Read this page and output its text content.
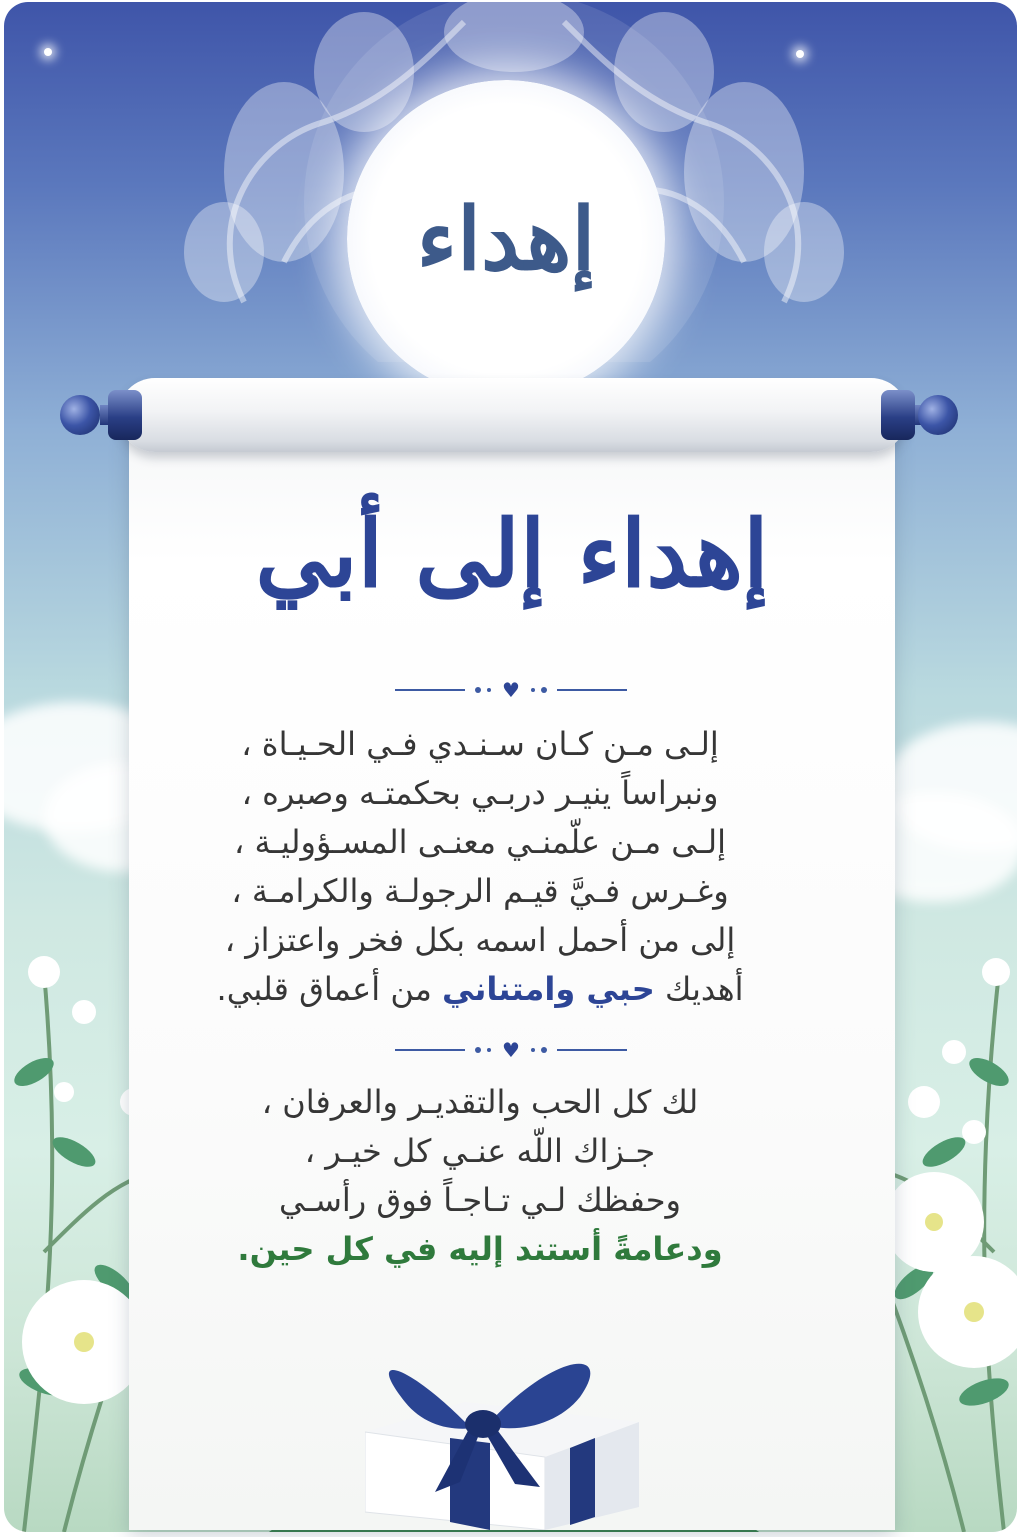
إهداء
إهداء إلى أبي
♥
إلـى مـن كـان سـنـدي فـي الحـيـاة ،
ونبراساً ينيـر دربـي بحكمتـه وصبره ،
إلـى مـن علّمنـي معنـى المسـؤوليـة ،
وغـرس فـيَّ قيـم الرجولـة والكرامـة ،
إلى من أحمل اسمه بكل فخر واعتزاز ،
أهديك حبي وامتناني من أعماق قلبي.
♥
لك كل الحب والتقديـر والعرفان ،
جـزاك اللّه عنـي كل خيـر ،
وحفظك لـي تـاجـاً فوق رأسـي
ودعامةً أستند إليه في كل حين.
